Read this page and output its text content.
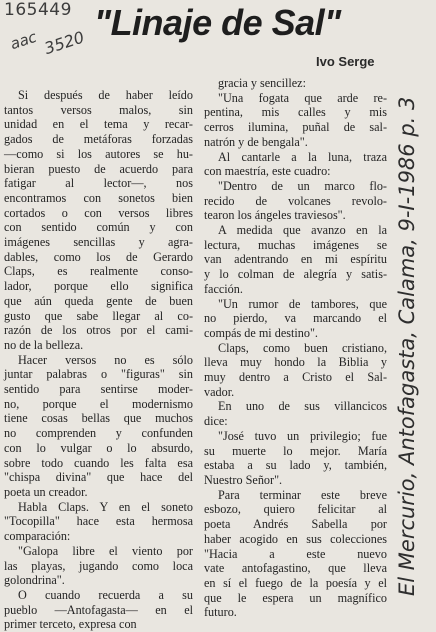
165449
aac 3520 "Linaje de Sal"
Ivo Serge
Si después de haber leído
tantos versos malos, sin
unidad en el tema y recar-
gados de metáforas forzadas
—como si los autores se hu-
bieran puesto de acuerdo para
fatigar al lector—, nos
encontramos con sonetos bien
cortados o con versos libres
con sentido común y con
imágenes sencillas y agra-
dables, como los de Gerardo
Claps, es realmente conso-
lador, porque ello significa
que aún queda gente de buen
gusto que sabe llegar al co-
razón de los otros por el cami-
no de la belleza.
Hacer versos no es sólo
juntar palabras o "figuras" sin
sentido para sentirse moder-
no, porque el modernismo
tiene cosas bellas que muchos
no comprenden y confunden
con lo vulgar o lo absurdo,
sobre todo cuando les falta esa
"chispa divina" que hace del
poeta un creador.
Habla Claps. Y en el soneto
"Tocopilla" hace esta hermosa
comparación:
"Galopa libre el viento por
las playas, jugando como loca
golondrina".
O cuando recuerda a su
pueblo —Antofagasta— en el
primer terceto, expresa con
gracia y sencillez:
"Una fogata que arde re-
pentina, mis calles y mis
cerros ilumina, puñal de sal-
natrón y de bengala".
Al cantarle a la luna, traza
con maestría, este cuadro:
"Dentro de un marco flo-
recido de volcanes revolo-
tearon los ángeles traviesos".
A medida que avanzo en la
lectura, muchas imágenes se
van adentrando en mi espíritu
y lo colman de alegría y satis-
facción.
"Un rumor de tambores, que
no pierdo, va marcando el
compás de mi destino".
Claps, como buen cristiano,
lleva muy hondo la Biblia y
muy dentro a Cristo el Sal-
vador.
En uno de sus villancicos
dice:
"José tuvo un privilegio; fue
su muerte lo mejor. María
estaba a su lado y, también,
Nuestro Señor".
Para terminar este breve
esbozo, quiero felicitar al
poeta Andrés Sabella por
haber acogido en sus colecciones
"Hacia a este nuevo
vate antofagastino, que lleva
en sí el fuego de la poesía y el
que le espera un magnífico
futuro.
El Mercurio, Antofagasta, Calama, 9-I-1986 p. 3
